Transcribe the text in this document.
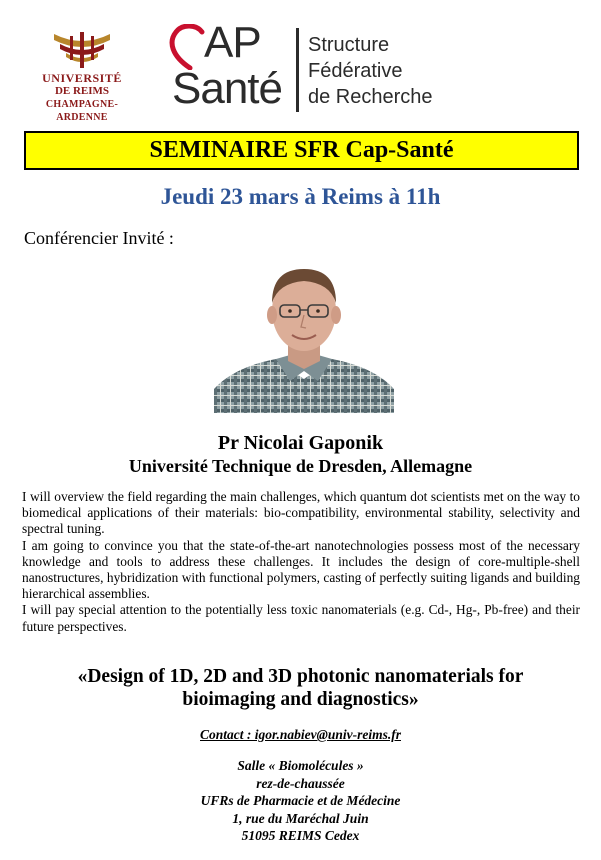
UNIVERSITÉ
DE REIMS
CHAMPAGNE-ARDENNE
AP
Santé
Structure
Fédérative
de Recherche
SEMINAIRE SFR Cap-Santé
Jeudi 23 mars à Reims à 11h
Conférencier Invité :
Pr Nicolai Gaponik
Université Technique de Dresden, Allemagne

I will overview the field regarding the main challenges, which quantum dot scientists met on the way to biomedical applications of their materials: bio-compatibility, environmental stability, selectivity and spectral tuning.

I am going to convince you that the state-of-the-art nanotechnologies possess most of the necessary knowledge and tools to address these challenges. It includes the design of core-multiple-shell nanostructures, hybridization with functional polymers, casting of perfectly suiting ligands and building hierarchical assemblies.

I will pay special attention to the potentially less toxic nanomaterials (e.g. Cd-, Hg-, Pb-free) and their future perspectives.

«Design of 1D, 2D and 3D photonic nanomaterials for
bioimaging and diagnostics»
Contact : igor.nabiev@univ-reims.fr
Salle « Biomolécules »
rez-de-chaussée
UFRs de Pharmacie et de Médecine
1, rue du Maréchal Juin
51095 REIMS Cedex
